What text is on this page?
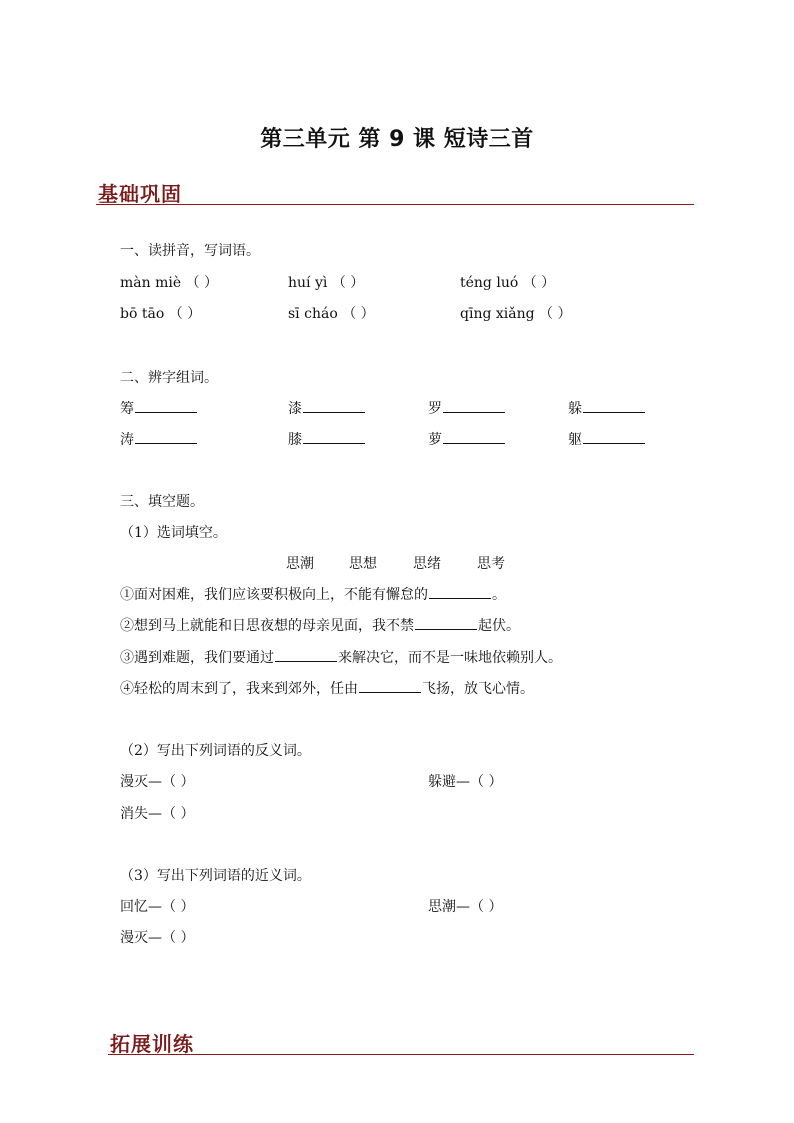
第三单元 第 9 课 短诗三首
基础巩固
一、读拼音，写词语。
màn miè （ ）	huí yì （ ）	téng luó （ ）
bō tāo （ ）	sī cháo （ ）	qīng xiǎng （ ）
二、辨字组词。
筹	漆	罗	躲
涛	膝	萝	躯
三、填空题。
（1）选词填空。
思潮	思想	思绪	思考
①面对困难，我们应该要积极向上，不能有懈怠的	。
②想到马上就能和日思夜想的母亲见面，我不禁	起伏。
③遇到难题，我们要通过	来解决它，而不是一味地依赖别人。
④轻松的周末到了，我来到郊外，任由	飞扬，放飞心情。
（2）写出下列词语的反义词。
漫灭—（ ）	躲避—（ ）
消失—（ ）
（3）写出下列词语的近义词。
回忆—（ ）	思潮—（ ）
漫灭—（ ）
拓展训练
